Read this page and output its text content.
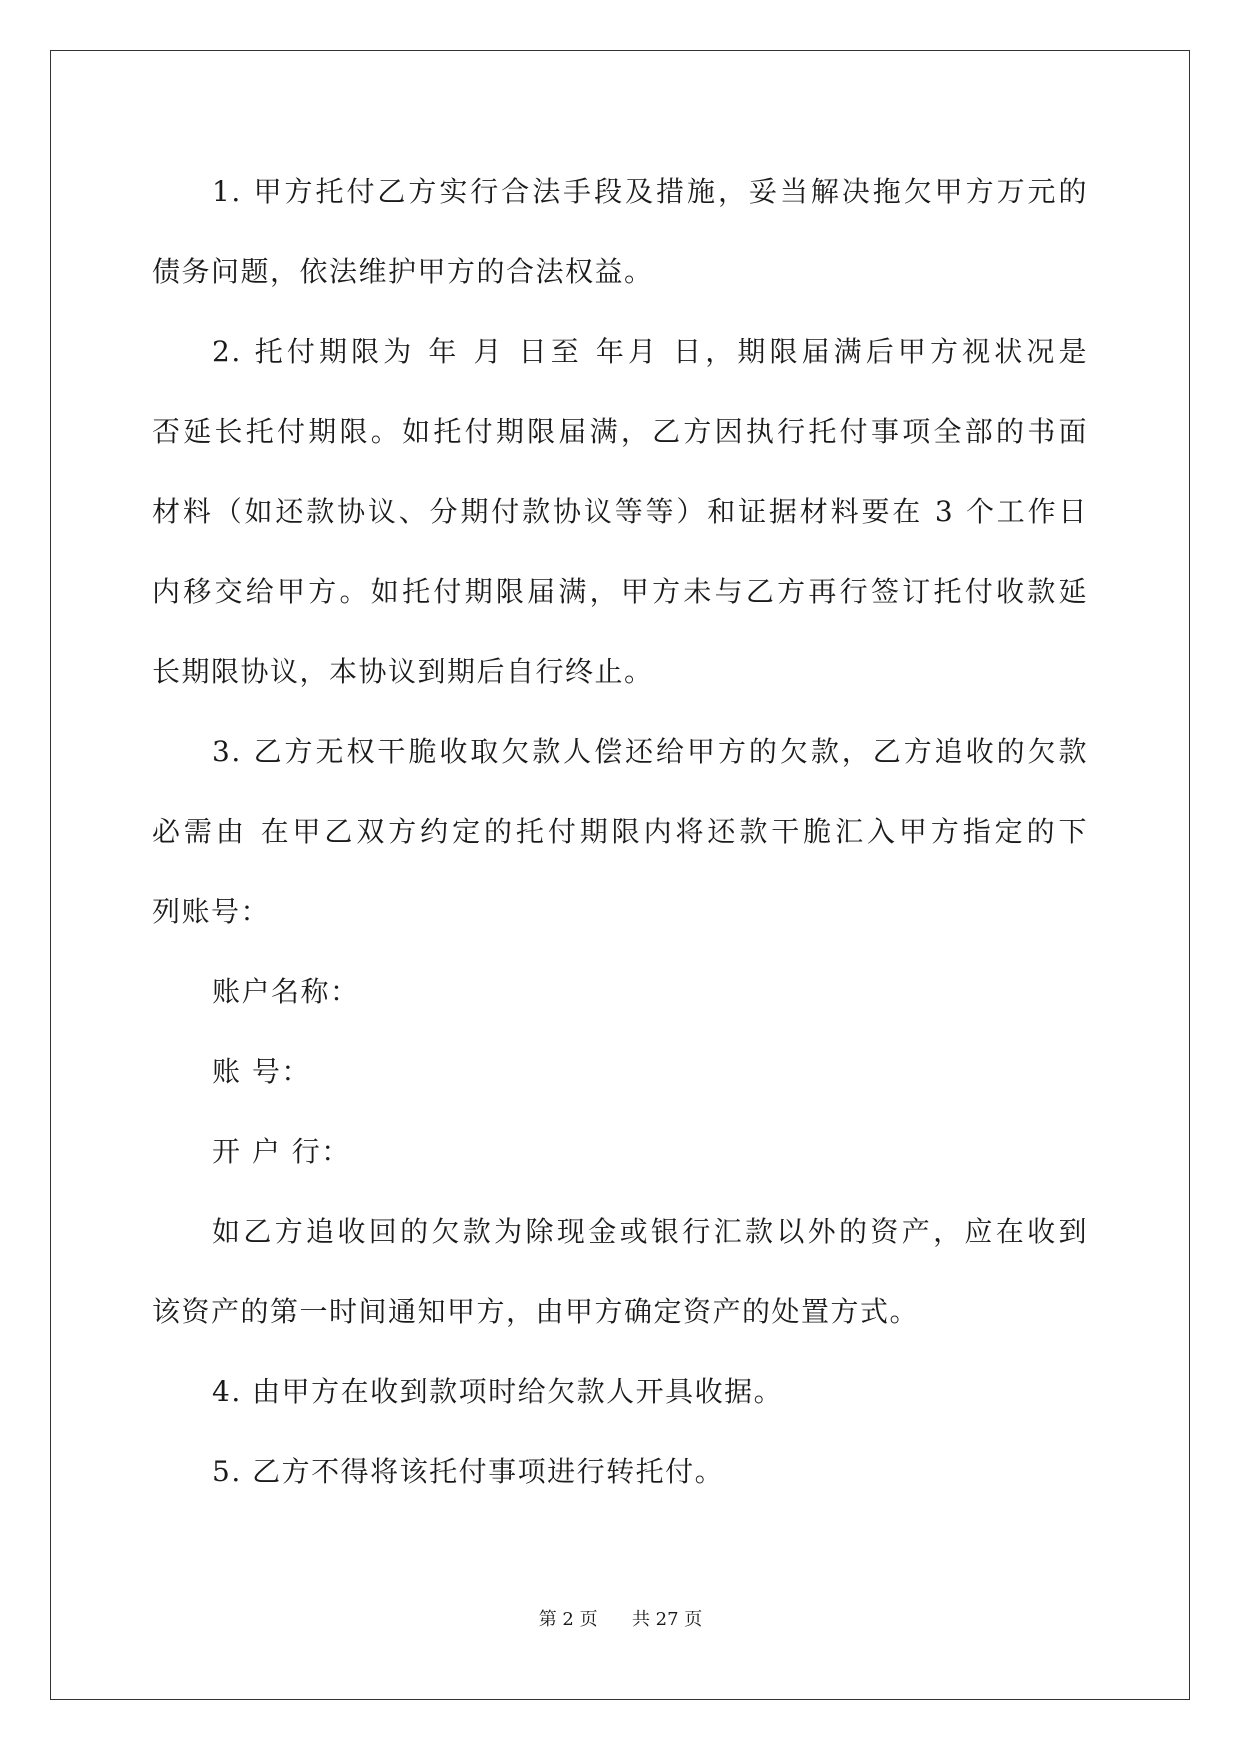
1. 甲方托付乙方实行合法手段及措施，妥当解决拖欠甲方万元的
债务问题，依法维护甲方的合法权益。
2. 托付期限为 年 月 日至 年月 日，期限届满后甲方视状况是
否延长托付期限。如托付期限届满，乙方因执行托付事项全部的书面
材料（如还款协议、分期付款协议等等）和证据材料要在 3 个工作日
内移交给甲方。如托付期限届满，甲方未与乙方再行签订托付收款延
长期限协议，本协议到期后自行终止。
3. 乙方无权干脆收取欠款人偿还给甲方的欠款，乙方追收的欠款
必需由 在甲乙双方约定的托付期限内将还款干脆汇入甲方指定的下
列账号：
账户名称：
账 号：
开 户 行：
如乙方追收回的欠款为除现金或银行汇款以外的资产，应在收到
该资产的第一时间通知甲方，由甲方确定资产的处置方式。
4. 由甲方在收到款项时给欠款人开具收据。
5. 乙方不得将该托付事项进行转托付。
第 2 页 共 27 页
